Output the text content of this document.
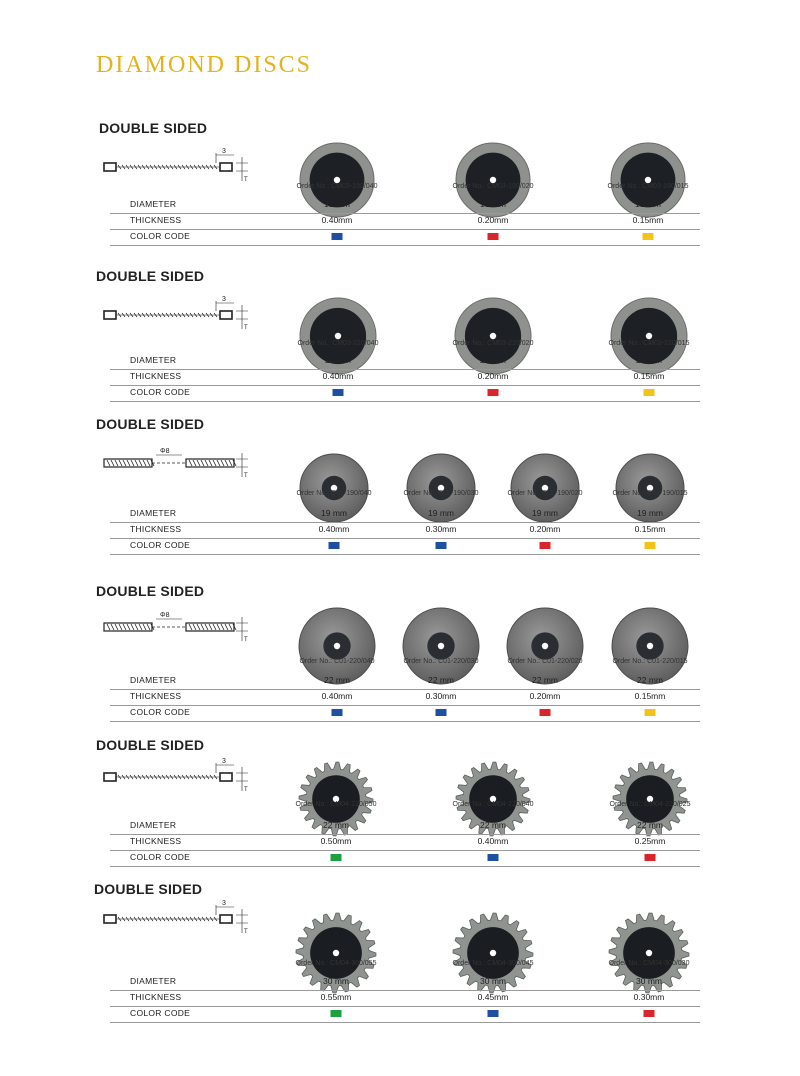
DIAMOND DISCS
DOUBLE SIDED
3
T
Order No.: CM03-190/040	Order No.: CM03-190/020	Order No.: CM03-190/015
DIAMETER	19 mm	19 mm	19 mm
THICKNESS	0.40mm	0.20mm	0.15mm
COLOR CODE
DOUBLE SIDED
3
T
Order No.: CM03-220/040	Order No.: CM03-220/020	Order No.: CM03-220/015
DIAMETER	22 mm	22 mm	22 mm
THICKNESS	0.40mm	0.20mm	0.15mm
COLOR CODE
DOUBLE SIDED
Φ8
T
Order No.: C01-190/040	Order No.: C01-190/030	Order No.: C01-190/020	Order No.: C01-190/015
DIAMETER	19 mm	19 mm	19 mm	19 mm
THICKNESS	0.40mm	0.30mm	0.20mm	0.15mm
COLOR CODE
DOUBLE SIDED
Φ8
T
Order No.: C01-220/040	Order No.: C01-220/030	Order No.: C01-220/020	Order No.: C01-220/015
DIAMETER	22 mm	22 mm	22 mm	22 mm
THICKNESS	0.40mm	0.30mm	0.20mm	0.15mm
COLOR CODE
DOUBLE SIDED
3
T
Order No.: CM04-220/050	Order No.: CM04-220/040	Order No.: CM04-220/025
DIAMETER	22 mm	22 mm	22 mm
THICKNESS	0.50mm	0.40mm	0.25mm
COLOR CODE
DOUBLE SIDED
3
T
Order No.: CM04-300/055	Order No.: CM04-300/045	Order No.: CM04-300/030
DIAMETER	30 mm	30 mm	30 mm
THICKNESS	0.55mm	0.45mm	0.30mm
COLOR CODE
